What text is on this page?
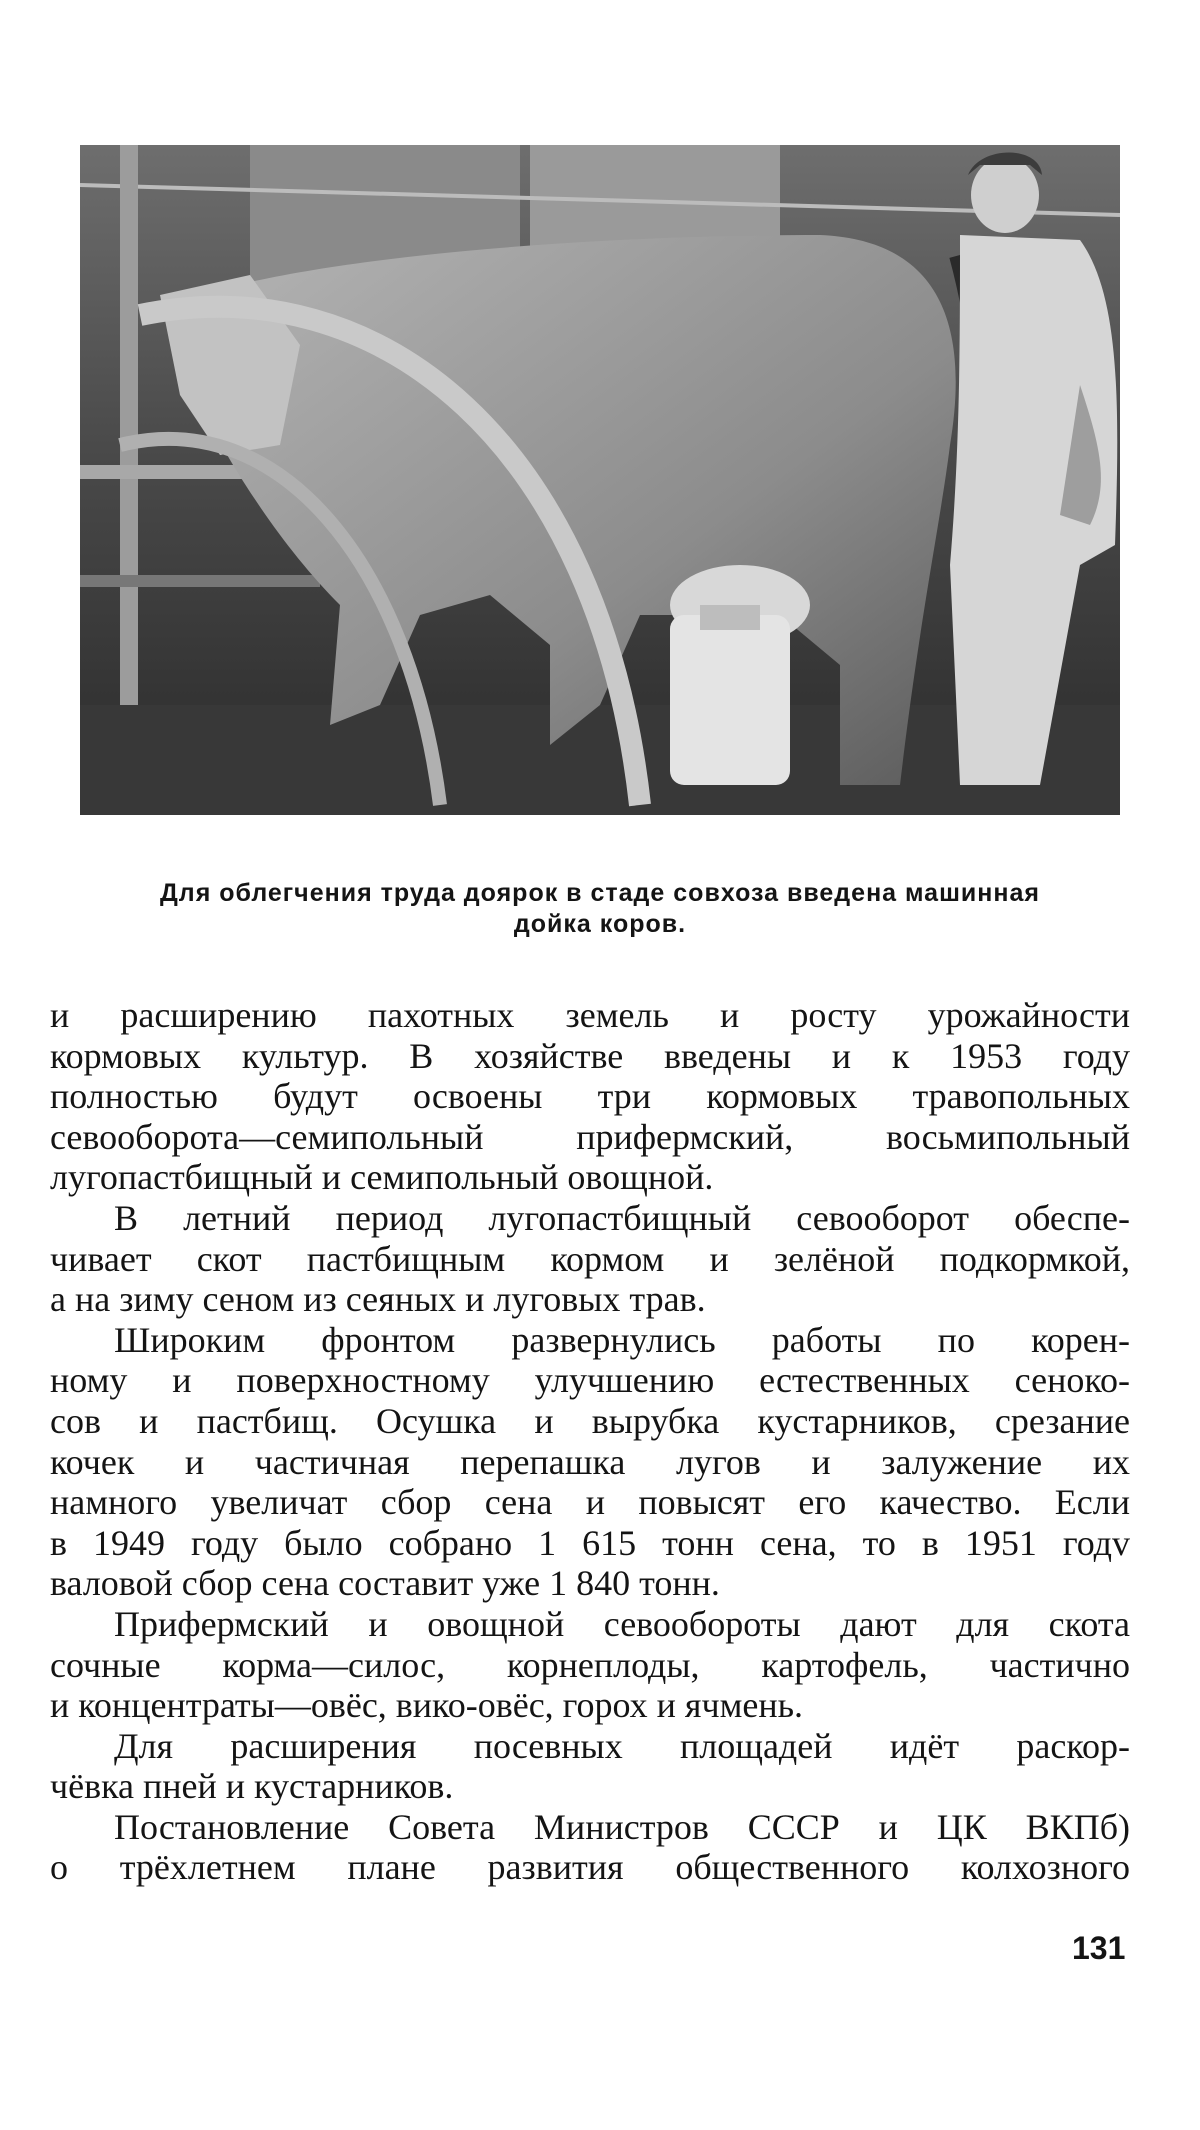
Для облегчения труда доярок в стаде совхоза введена машинная
дойка коров.
и расширению пахотных земель и росту урожайности
кормовых культур. В хозяйстве введены и к 1953 году
полностью будут освоены три кормовых травопольных
севооборота—семипольный прифермский, восьмипольный
лугопастбищный и семипольный овощной.
В летний период лугопастбищный севооборот обеспе-
чивает скот пастбищным кормом и зелёной подкормкой,
а на зиму сеном из сеяных и луговых трав.
Широким фронтом развернулись работы по корен-
ному и поверхностному улучшению естественных сеноко-
сов и пастбищ. Осушка и вырубка кустарников, срезание
кочек и частичная перепашка лугов и залужение их
намного увеличат сбор сена и повысят его качество. Если
в 1949 году было собрано 1 615 тонн сена, то в 1951 годv
валовой сбор сена составит уже 1 840 тонн.
Прифермский и овощной севообороты дают для скота
сочные корма—силос, корнеплоды, картофель, частично
и концентраты—овёс, вико-овёс, горох и ячмень.
Для расширения посевных площадей идёт раскор-
чёвка пней и кустарников.
Постановление Совета Министров СССР и ЦК ВКПб)
о трёхлетнем плане развития общественного колхозного
131
